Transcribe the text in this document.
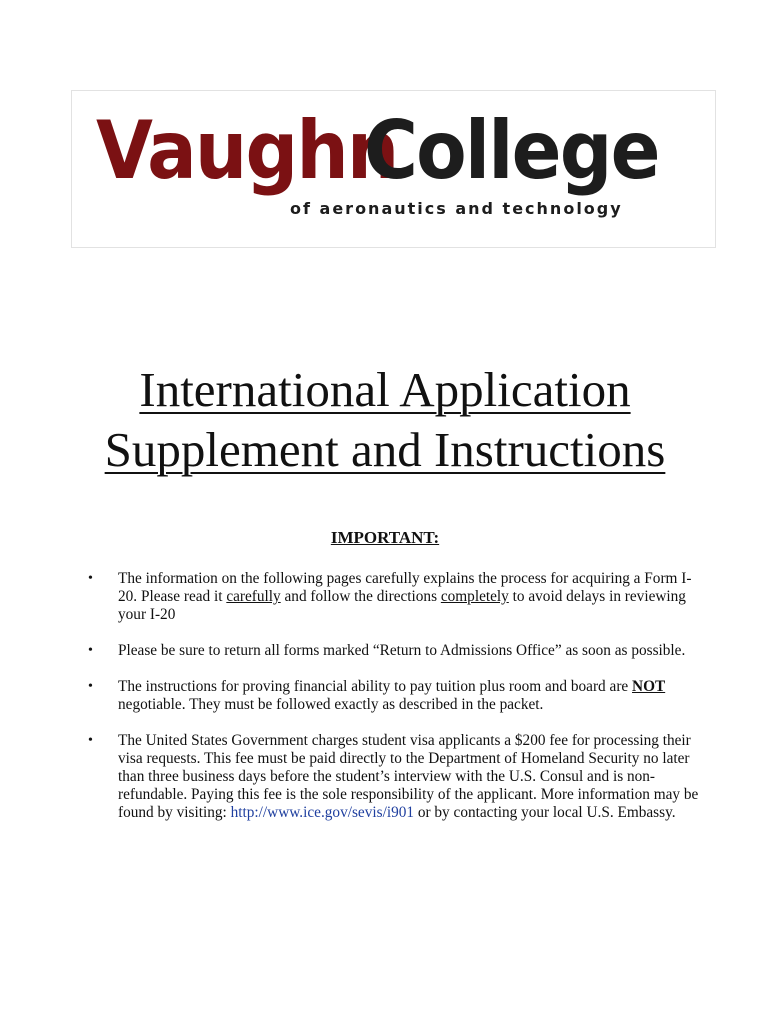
Vaughn
College
of aeronautics and technology
International Application
Supplement and Instructions
IMPORTANT:
• The information on the following pages carefully explains the process for acquiring a Form I-20. Please read it carefully and follow the directions completely to avoid delays in reviewing your I-20
• Please be sure to return all forms marked “Return to Admissions Office” as soon as possible.
• The instructions for proving financial ability to pay tuition plus room and board are NOT negotiable. They must be followed exactly as described in the packet.
• The United States Government charges student visa applicants a $200 fee for processing their visa requests. This fee must be paid directly to the Department of Homeland Security no later than three business days before the student’s interview with the U.S. Consul and is non-refundable. Paying this fee is the sole responsibility of the applicant. More information may be found by visiting: http://www.ice.gov/sevis/i901 or by contacting your local U.S. Embassy.
